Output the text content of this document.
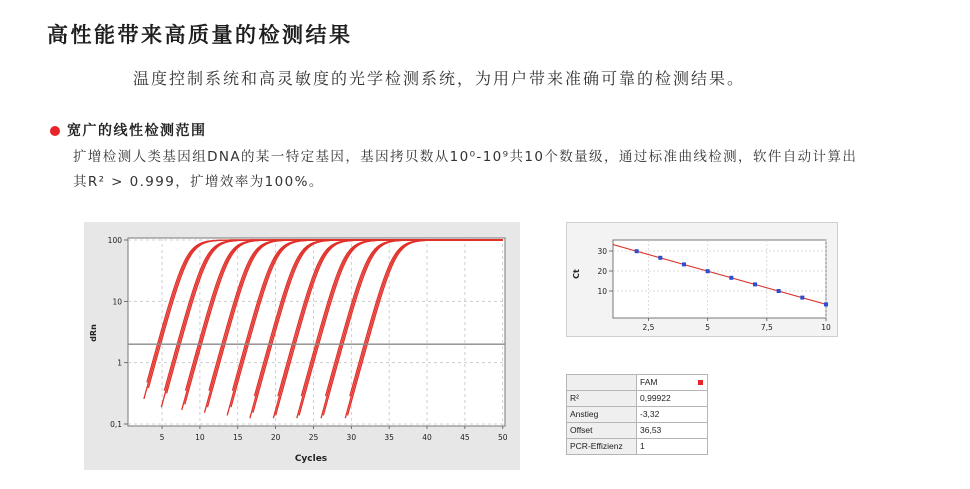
高性能带来高质量的检测结果
温度控制系统和高灵敏度的光学检测系统，为用户带来准确可靠的检测结果。
宽广的线性检测范围
扩增检测人类基因组DNA的某一特定基因，基因拷贝数从10⁰-10⁹共10个数量级，通过标准曲线检测，软件自动计算出
其R² > 0.999，扩增效率为100%。
5	10	15	20	25	30	35	40	45	50
100
10
1
0,1
Cycles
dRn	2,5	5	7,5	10
10
20
30
Ct
	FAM

R²	0,99922
Anstieg	-3,32
Offset	36,53
PCR-Effizienz	1
